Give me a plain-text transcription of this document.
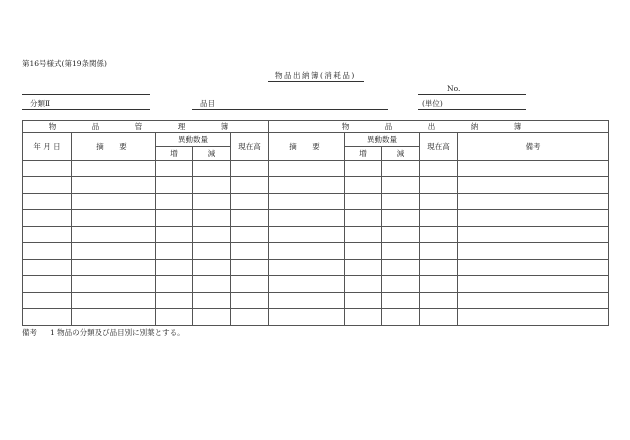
第16号様式(第19条関係)
物品出納簿(消耗品)
No.
分類Ⅱ	品目	(単位)
物　品　管　理　簿					物　品　出　納　簿				
年 月 日	摘　要	異動数量		現在高	摘　要	異動数量		現在高	備考
		増	減			増	減		

備考 1 物品の分類及び品目別に別葉とする。
